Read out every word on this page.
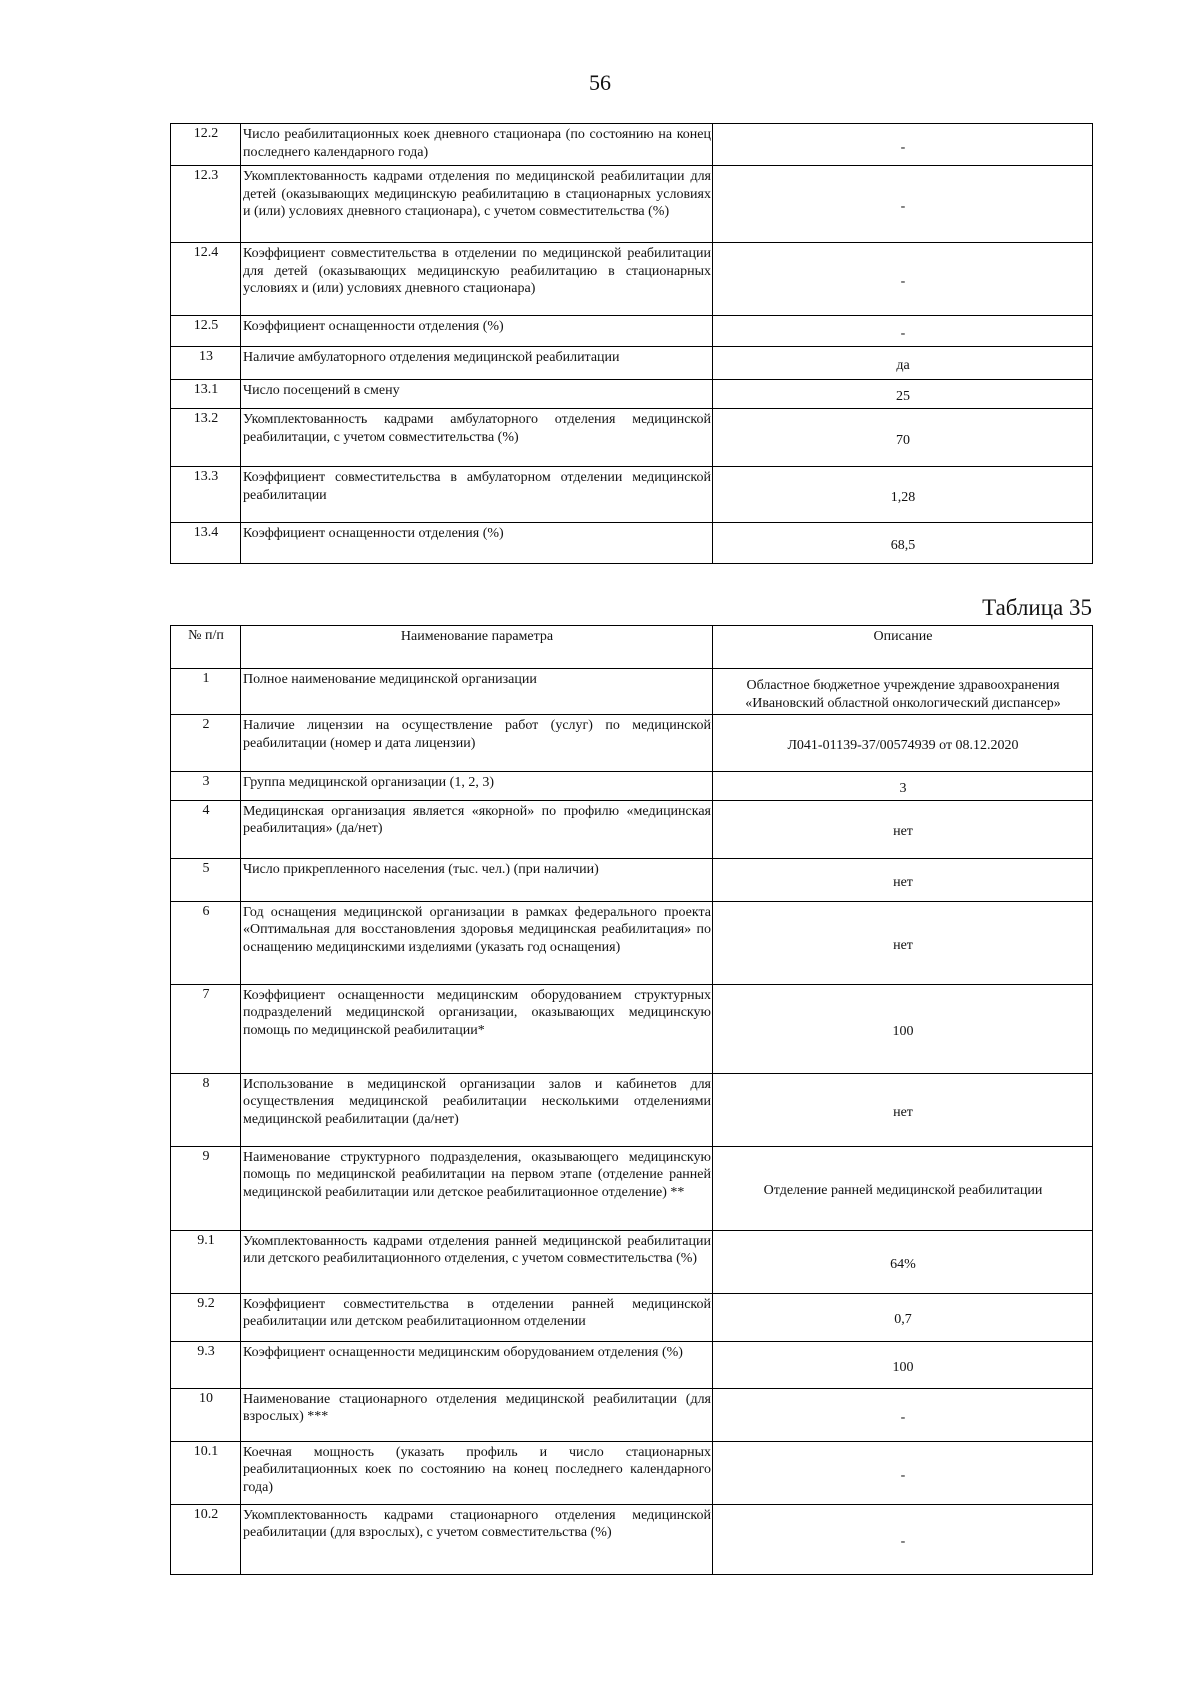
56
12.2	Число реабилитационных коек дневного стационара (по состоянию на конец последнего календарного года)	-
12.3	Укомплектованность кадрами отделения по медицинской реабилитации для детей (оказывающих медицинскую реабилитацию в стационарных условиях и (или) условиях дневного стационара), с учетом совместительства (%)	-
12.4	Коэффициент совместительства в отделении по медицинской реабилитации для детей (оказывающих медицинскую реабилитацию в стационарных условиях и (или) условиях дневного стационара)	-
12.5	Коэффициент оснащенности отделения (%)	-
13	Наличие амбулаторного отделения медицинской реабилитации	да
13.1	Число посещений в смену	25
13.2	Укомплектованность кадрами амбулаторного отделения медицинской реабилитации, с учетом совместительства (%)	70
13.3	Коэффициент совместительства в амбулаторном отделении медицинской реабилитации	1,28
13.4	Коэффициент оснащенности отделения (%)	68,5
Таблица 35
№ п/п	Наименование параметра	Описание
1	Полное наименование медицинской организации	Областное бюджетное учреждение здравоохранения «Ивановский областной онкологический диспансер»
2	Наличие лицензии на осуществление работ (услуг) по медицинской реабилитации (номер и дата лицензии)	Л041-01139-37/00574939 от 08.12.2020
3	Группа медицинской организации (1, 2, 3)	3
4	Медицинская организация является «якорной» по профилю «медицинская реабилитация» (да/нет)	нет
5	Число прикрепленного населения (тыс. чел.) (при наличии)	нет
6	Год оснащения медицинской организации в рамках федерального проекта «Оптимальная для восстановления здоровья медицинская реабилитация» по оснащению медицинскими изделиями (указать год оснащения)	нет
7	Коэффициент оснащенности медицинским оборудованием структурных подразделений медицинской организации, оказывающих медицинскую помощь по медицинской реабилитации*	100
8	Использование в медицинской организации залов и кабинетов для осуществления медицинской реабилитации несколькими отделениями медицинской реабилитации (да/нет)	нет
9	Наименование структурного подразделения, оказывающего медицинскую помощь по медицинской реабилитации на первом этапе (отделение ранней медицинской реабилитации или детское реабилитационное отделение) **	Отделение ранней медицинской реабилитации
9.1	Укомплектованность кадрами отделения ранней медицинской реабилитации или детского реабилитационного отделения, с учетом совместительства (%)	64%
9.2	Коэффициент совместительства в отделении ранней медицинской реабилитации или детском реабилитационном отделении	0,7
9.3	Коэффициент оснащенности медицинским оборудованием отделения (%)	100
10	Наименование стационарного отделения медицинской реабилитации (для взрослых) ***	-
10.1	Коечная мощность (указать профиль и число стационарных реабилитационных коек по состоянию на конец последнего календарного года)	-
10.2	Укомплектованность кадрами стационарного отделения медицинской реабилитации (для взрослых), с учетом совместительства (%)	-
